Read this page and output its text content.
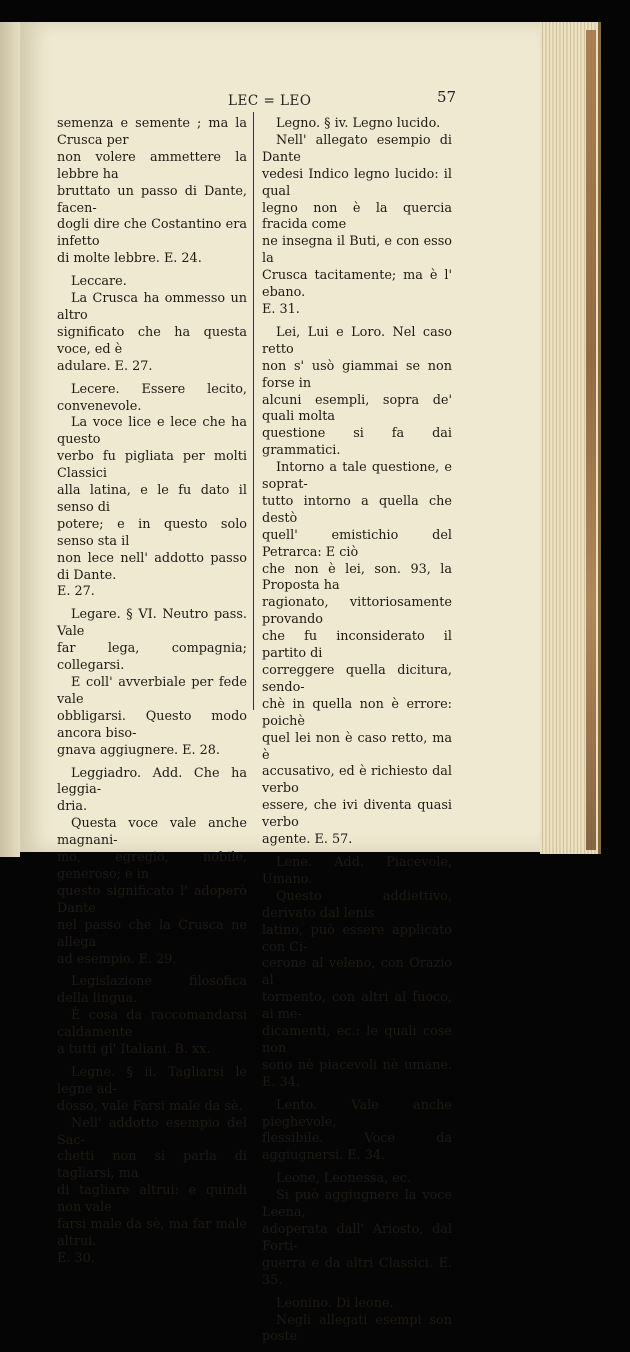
LEC = LEO	57
semenza e semente ; ma la Crusca per
non volere ammettere la lebbre ha
bruttato un passo di Dante, facen-
dogli dire che Costantino era infetto
di molte lebbre. E. 24.
Leccare.
La Crusca ha ommesso un altro
significato che ha questa voce, ed è
adulare. E. 27.
Lecere. Essere lecito, convenevole.
La voce lice e lece che ha questo
verbo fu pigliata per molti Classici
alla latina, e le fu dato il senso di
potere; e in questo solo senso sta il
non lece nell' addotto passo di Dante.
E. 27.
Legare. § VI. Neutro pass. Vale
far lega, compagnia; collegarsi.
E coll' avverbiale per fede vale
obbligarsi. Questo modo ancora biso-
gnava aggiugnere. E. 28.
Leggiadro. Add. Che ha leggia-
dria.
Questa voce vale anche magnani-
mo, egregio, nobile, generoso; e in
questo significato l' adoperò Dante
nel passo che la Crusca ne allega
ad esempio. E. 29.
Legislazione filosofica della lingua.
È cosa da raccomandarsi caldamente
a tutti gl' Italiani. B. xx.
Legne. § ii. Tagliarsi le legne ad-
dosso, vale Farsi male da sè.
Nell' addotto esempio del Sac-
chetti non si parla di tagliarsi, ma
di tagliare altrui: e quindi non vale
farsi male da sè, ma far male altrui.
E. 30.
Legno. § iv. Legno lucido.
Nell' allegato esempio di Dante
vedesi Indico legno lucido: il qual
legno non è la quercia fracida come
ne insegna il Buti, e con esso la
Crusca tacitamente; ma è l' ebano.
E. 31.
Lei, Lui e Loro. Nel caso retto
non s' usò giammai se non forse in
alcuni esempli, sopra de' quali molta
questione si fa dai grammatici.
Intorno a tale questione, e soprat-
tutto intorno a quella che destò
quell' emistichio del Petrarca: E ciò
che non è lei, son. 93, la Proposta ha
ragionato, vittoriosamente provando
che fu inconsiderato il partito di
correggere quella dicitura, sendo-
chè in quella non è errore: poichè
quel lei non è caso retto, ma è
accusativo, ed è richiesto dal verbo
essere, che ivi diventa quasi verbo
agente. E. 57.
Lene. Add. Piacevole, Umano.
Questo addiettivo, derivato dal lenis
latino, può essere applicato con Ci-
cerone al veleno, con Orazio al
tormento, con altri al fuoco, ai me-
dicamenti, ec.: le quali cose non
sono nè piacevoli nè umane. E. 34.
Lento. Vale anche pieghevole,
flessibile. Voce da aggiugnersi. E. 34.
Leone, Leonessa, ec.
Si può aggiugnere la voce Leena,
adoperata dall' Ariosto, dal Forti-
guerra e da altri Classici. E. 35.
Leonino. Di leone.
Negli allegati esempi son poste
